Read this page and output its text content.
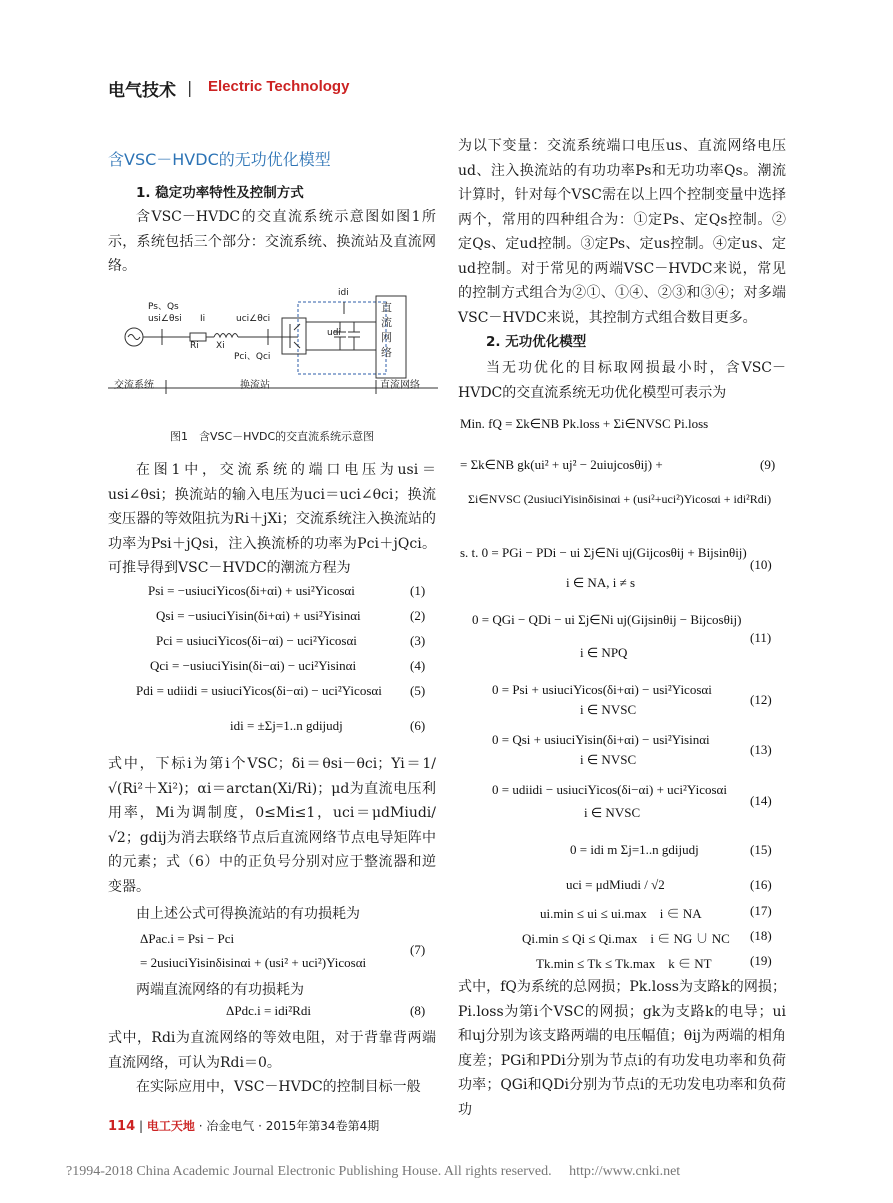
电气技术 | Electric Technology
含VSC－HVDC的无功优化模型
1. 稳定功率特性及控制方式
含VSC－HVDC的交直流系统示意图如图1所示，系统包括三个部分：交流系统、换流站及直流网络。
Ps、Qs
usi∠θsi Ii	uci∠θci
Ri Xi
Pci、Qci
idi
udi
直
流
网
络
交流系统	换流站	直流网络
图1　含VSC－HVDC的交直流系统示意图
在图1中，交流系统的端口电压为usi＝usi∠θsi；换流站的输入电压为uci＝uci∠θci；换流变压器的等效阻抗为Ri＋jXi；交流系统注入换流站的功率为Psi＋jQsi，注入换流桥的功率为Pci＋jQci。可推导得到VSC－HVDC的潮流方程为
Psi = −usiuciYicos(δi+αi) + usi²Yicosαi	(1)
Qsi = −usiuciYisin(δi+αi) + usi²Yisinαi	(2)
Pci = usiuciYicos(δi−αi) − uci²Yicosαi	(3)
Qci = −usiuciYisin(δi−αi) − uci²Yisinαi	(4)
Pdi = udiidi = usiuciYicos(δi−αi) − uci²Yicosαi (5)
idi = ±Σj=1..n gdijudj	(6)
式中，下标i为第i个VSC；δi＝θsi－θci；Yi＝1/√(Ri²＋Xi²)；αi＝arctan(Xi/Ri)；μd为直流电压利用率，Mi为调制度，0≤Mi≤1，uci＝μdMiudi/√2；gdij为消去联络节点后直流网络节点电导矩阵中的元素；式（6）中的正负号分别对应于整流器和逆变器。
由上述公式可得换流站的有功损耗为
ΔPac.i = Psi − Pci
= 2usiuciYisinδisinαi + (usi² + uci²)Yicosαi
(7)
两端直流网络的有功损耗为
ΔPdc.i = idi²Rdi	(8)
式中，Rdi为直流网络的等效电阻，对于背靠背两端直流网络，可认为Rdi＝0。
在实际应用中，VSC－HVDC的控制目标一般
为以下变量：交流系统端口电压us、直流网络电压ud、注入换流站的有功功率Ps和无功功率Qs。潮流计算时，针对每个VSC需在以上四个控制变量中选择两个，常用的四种组合为：①定Ps、定Qs控制。②定Qs、定ud控制。③定Ps、定us控制。④定us、定ud控制。对于常见的两端VSC－HVDC来说，常见的控制方式组合为②①、①④、②③和③④；对多端VSC－HVDC来说，其控制方式组合数目更多。
2. 无功优化模型
当无功优化的目标取网损最小时，含VSC－HVDC的交直流系统无功优化模型可表示为
Min. fQ = Σk∈NB Pk.loss + Σi∈NVSC Pi.loss
= Σk∈NB gk(ui² + uj² − 2uiujcosθij) +
Σi∈NVSC (2usiuciYisinδisinαi + (usi²+uci²)Yicosαi + idi²Rdi)
(9)
s. t. 0 = PGi − PDi − ui Σj∈Ni uj(Gijcosθij + Bijsinθij)
i ∈ NA, i ≠ s
(10)
0 = QGi − QDi − ui Σj∈Ni uj(Gijsinθij − Bijcosθij)
i ∈ NPQ
(11)
0 = Psi + usiuciYicos(δi+αi) − usi²Yicosαi
i ∈ NVSC
(12)
0 = Qsi + usiuciYisin(δi+αi) − usi²Yisinαi
i ∈ NVSC
(13)
0 = udiidi − usiuciYicos(δi−αi) + uci²Yicosαi
i ∈ NVSC
(14)
0 = idi m Σj=1..n gdijudj	(15)
uci = μdMiudi / √2	(16)
ui.min ≤ ui ≤ ui.max　i ∈ NA	(17)
Qi.min ≤ Qi ≤ Qi.max　i ∈ NG ∪ NC (18)
Tk.min ≤ Tk ≤ Tk.max　k ∈ NT	(19)
式中，fQ为系统的总网损；Pk.loss为支路k的网损；Pi.loss为第i个VSC的网损；gk为支路k的电导；ui和uj分别为该支路两端的电压幅值；θij为两端的相角度差；PGi和PDi分别为节点i的有功发电功率和负荷功率；QGi和QDi分别为节点i的无功发电功率和负荷功
114 | 电工天地 · 冶金电气 · 2015年第34卷第4期
?1994-2018 China Academic Journal Electronic Publishing House. All rights reserved.　 http://www.cnki.net
